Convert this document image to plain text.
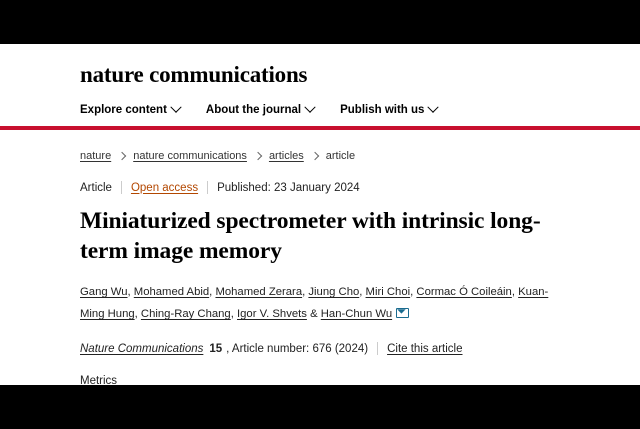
nature communications
Explore content	About the journal	Publish with us
nature nature communications articles article
Article Open access Published: 23 January 2024
Miniaturized spectrometer with intrinsic long-term image memory
Gang Wu, Mohamed Abid, Mohamed Zerara, Jiung Cho, Miri Choi, Cormac Ó Coileáin, Kuan-Ming Hung, Ching-Ray Chang, Igor V. Shvets & Han-Chun Wu
Nature Communications 15 , Article number: 676 (2024) Cite this article
Metrics
